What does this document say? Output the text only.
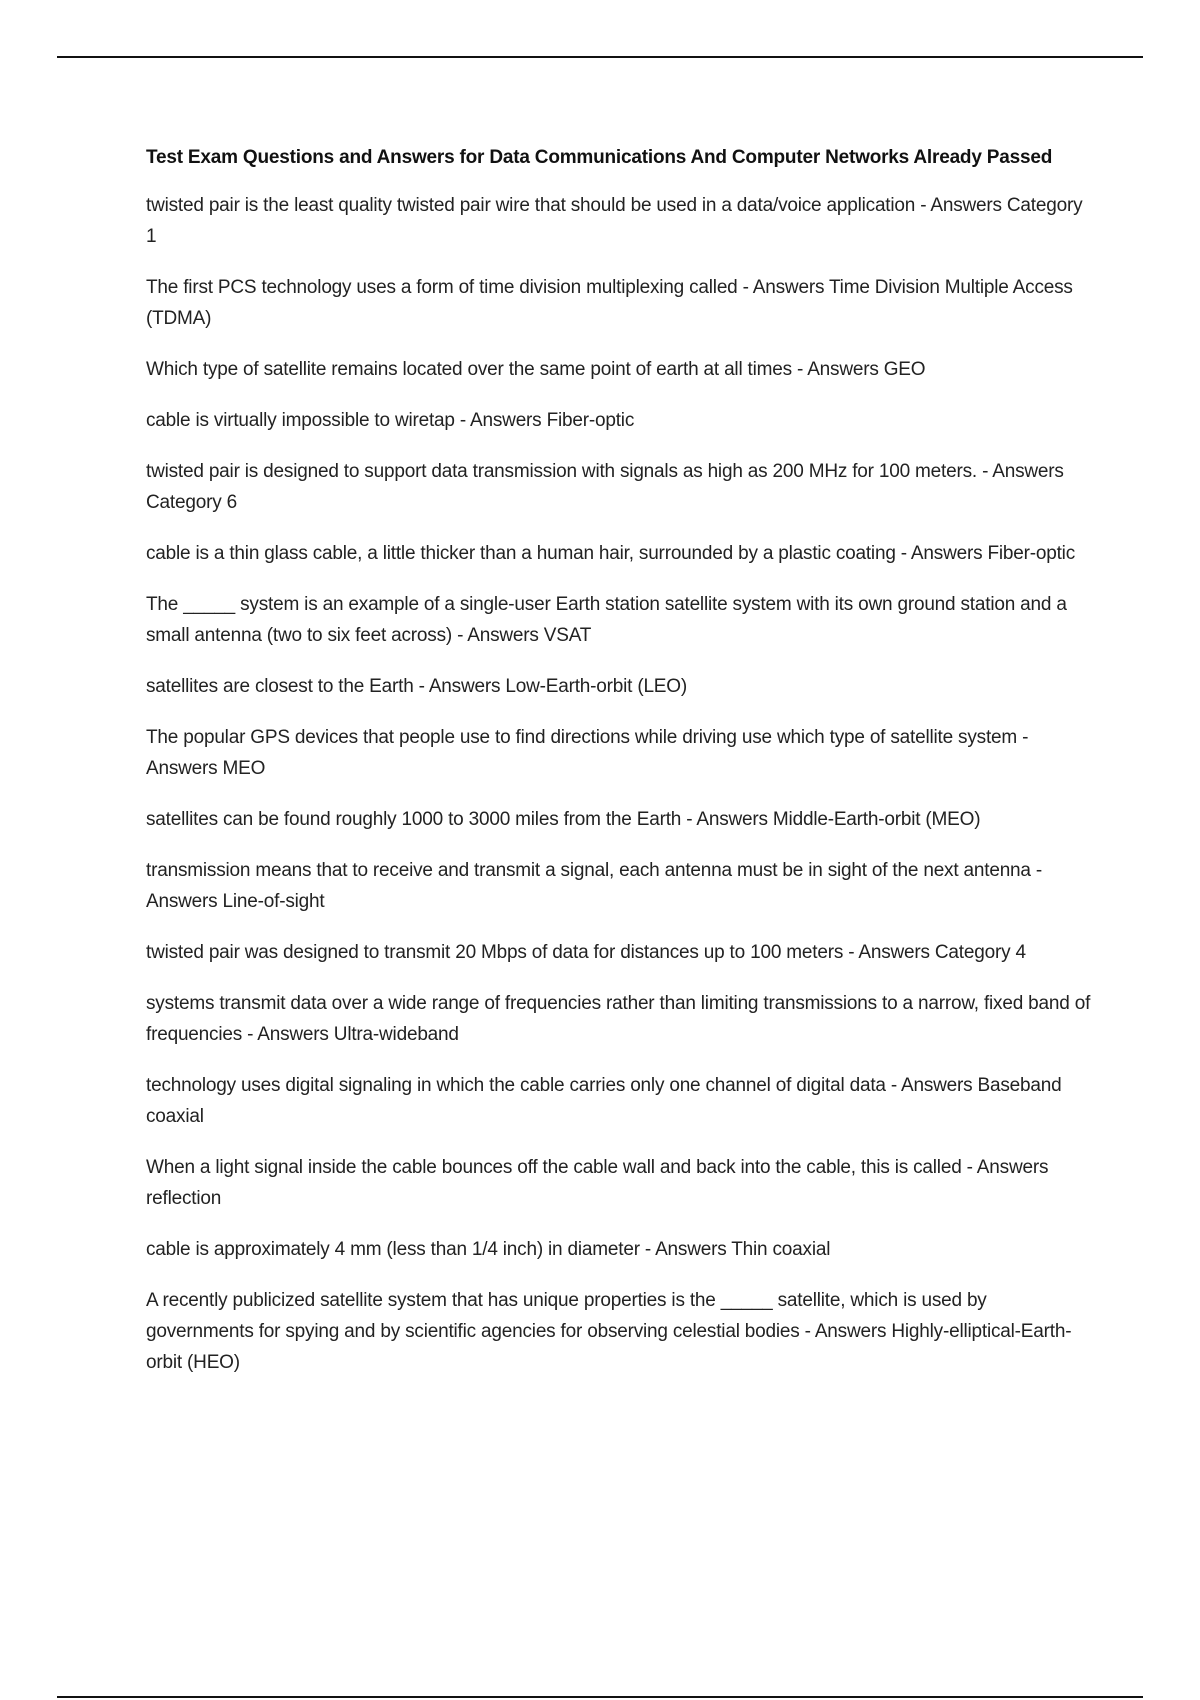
Test Exam Questions and Answers for Data Communications And Computer Networks Already Passed
twisted pair is the least quality twisted pair wire that should be used in a data/voice application - Answers Category 1
The first PCS technology uses a form of time division multiplexing called - Answers Time Division Multiple Access (TDMA)
Which type of satellite remains located over the same point of earth at all times - Answers GEO
cable is virtually impossible to wiretap - Answers Fiber-optic
twisted pair is designed to support data transmission with signals as high as 200 MHz for 100 meters. - Answers Category 6
cable is a thin glass cable, a little thicker than a human hair, surrounded by a plastic coating - Answers Fiber-optic
The _____ system is an example of a single-user Earth station satellite system with its own ground station and a small antenna (two to six feet across) - Answers VSAT
satellites are closest to the Earth - Answers Low-Earth-orbit (LEO)
The popular GPS devices that people use to find directions while driving use which type of satellite system - Answers MEO
satellites can be found roughly 1000 to 3000 miles from the Earth - Answers Middle-Earth-orbit (MEO)
transmission means that to receive and transmit a signal, each antenna must be in sight of the next antenna - Answers Line-of-sight
twisted pair was designed to transmit 20 Mbps of data for distances up to 100 meters - Answers Category 4
systems transmit data over a wide range of frequencies rather than limiting transmissions to a narrow, fixed band of frequencies - Answers Ultra-wideband
technology uses digital signaling in which the cable carries only one channel of digital data - Answers Baseband coaxial
When a light signal inside the cable bounces off the cable wall and back into the cable, this is called - Answers reflection
cable is approximately 4 mm (less than 1/4 inch) in diameter - Answers Thin coaxial
A recently publicized satellite system that has unique properties is the _____ satellite, which is used by governments for spying and by scientific agencies for observing celestial bodies - Answers Highly-elliptical-Earth-orbit (HEO)
